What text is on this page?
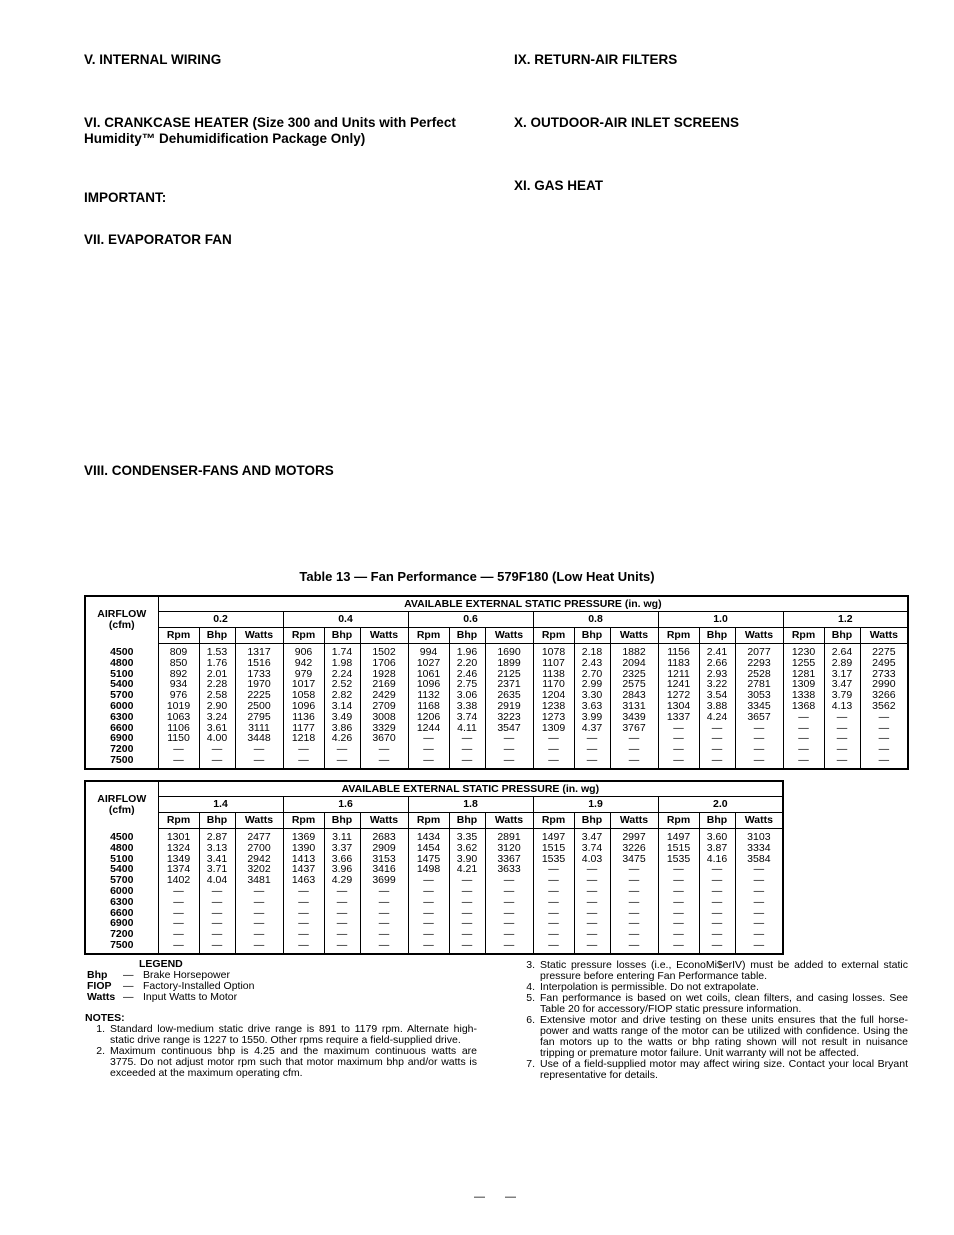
V. INTERNAL WIRING

VI. CRANKCASE HEATER (Size 300 and Units with Perfect Humidity™ Dehumidification Package Only)

IMPORTANT:

VII. EVAPORATOR FAN

VIII. CONDENSER-FANS AND MOTORS

IX. RETURN-AIR FILTERS

X. OUTDOOR-AIR INLET SCREENS

XI. GAS HEAT

Table 13 — Fan Performance — 579F180 (Low Heat Units)
AIRFLOW
(cfm)	AVAILABLE EXTERNAL STATIC PRESSURE (in. wg)																	
	0.2			0.4			0.6			0.8			1.0			1.2		
	Rpm	Bhp	Watts	Rpm	Bhp	Watts	Rpm	Bhp	Watts	Rpm	Bhp	Watts	Rpm	Bhp	Watts	Rpm	Bhp	Watts
4500	809	1.53	1317	906	1.74	1502	994	1.96	1690	1078	2.18	1882	1156	2.41	2077	1230	2.64	2275
4800	850	1.76	1516	942	1.98	1706	1027	2.20	1899	1107	2.43	2094	1183	2.66	2293	1255	2.89	2495
5100	892	2.01	1733	979	2.24	1928	1061	2.46	2125	1138	2.70	2325	1211	2.93	2528	1281	3.17	2733
5400	934	2.28	1970	1017	2.52	2169	1096	2.75	2371	1170	2.99	2575	1241	3.22	2781	1309	3.47	2990
5700	976	2.58	2225	1058	2.82	2429	1132	3.06	2635	1204	3.30	2843	1272	3.54	3053	1338	3.79	3266
6000	1019	2.90	2500	1096	3.14	2709	1168	3.38	2919	1238	3.63	3131	1304	3.88	3345	1368	4.13	3562
6300	1063	3.24	2795	1136	3.49	3008	1206	3.74	3223	1273	3.99	3439	1337	4.24	3657	—	—	—
6600	1106	3.61	3111	1177	3.86	3329	1244	4.11	3547	1309	4.37	3767	—	—	—	—	—	—
6900	1150	4.00	3448	1218	4.26	3670	—	—	—	—	—	—	—	—	—	—	—	—
7200	—	—	—	—	—	—	—	—	—	—	—	—	—	—	—	—	—	—
7500	—	—	—	—	—	—	—	—	—	—	—	—	—	—	—	—	—	—
AIRFLOW
(cfm)	AVAILABLE EXTERNAL STATIC PRESSURE (in. wg)														
	1.4			1.6			1.8			1.9			2.0		
	Rpm	Bhp	Watts	Rpm	Bhp	Watts	Rpm	Bhp	Watts	Rpm	Bhp	Watts	Rpm	Bhp	Watts
4500	1301	2.87	2477	1369	3.11	2683	1434	3.35	2891	1497	3.47	2997	1497	3.60	3103
4800	1324	3.13	2700	1390	3.37	2909	1454	3.62	3120	1515	3.74	3226	1515	3.87	3334
5100	1349	3.41	2942	1413	3.66	3153	1475	3.90	3367	1535	4.03	3475	1535	4.16	3584
5400	1374	3.71	3202	1437	3.96	3416	1498	4.21	3633	—	—	—	—	—	—
5700	1402	4.04	3481	1463	4.29	3699	—	—	—	—	—	—	—	—	—
6000	—	—	—	—	—	—	—	—	—	—	—	—	—	—	—
6300	—	—	—	—	—	—	—	—	—	—	—	—	—	—	—
6600	—	—	—	—	—	—	—	—	—	—	—	—	—	—	—
6900	—	—	—	—	—	—	—	—	—	—	—	—	—	—	—
7200	—	—	—	—	—	—	—	—	—	—	—	—	—	—	—
7500	—	—	—	—	—	—	—	—	—	—	—	—	—	—	—
LEGEND
Bhp	— Brake Horsepower
FIOP	— Factory-Installed Option
Watts — Input Watts to Motor
NOTES:
1. Standard low-medium static drive range is 891 to 1179 rpm. Alternate high-static drive range is 1227 to 1550. Other rpms require a field-supplied drive.
2. Maximum continuous bhp is 4.25 and the maximum continuous watts are 3775. Do not adjust motor rpm such that motor maximum bhp and/or watts is exceeded at the maximum operating cfm.
3. Static pressure losses (i.e., EconoMi$erIV) must be added to external static pressure before entering Fan Performance table.
4. Interpolation is permissible. Do not extrapolate.
5. Fan performance is based on wet coils, clean filters, and casing losses. See Table 20 for accessory/FIOP static pressure information.
6. Extensive motor and drive testing on these units ensures that the full horse-power and watts range of the motor can be utilized with confidence. Using the fan motors up to the watts or bhp rating shown will not result in nuisance tripping or premature motor failure. Unit warranty will not be affected.
7. Use of a field-supplied motor may affect wiring size. Contact your local Bryant representative for details.
— —
